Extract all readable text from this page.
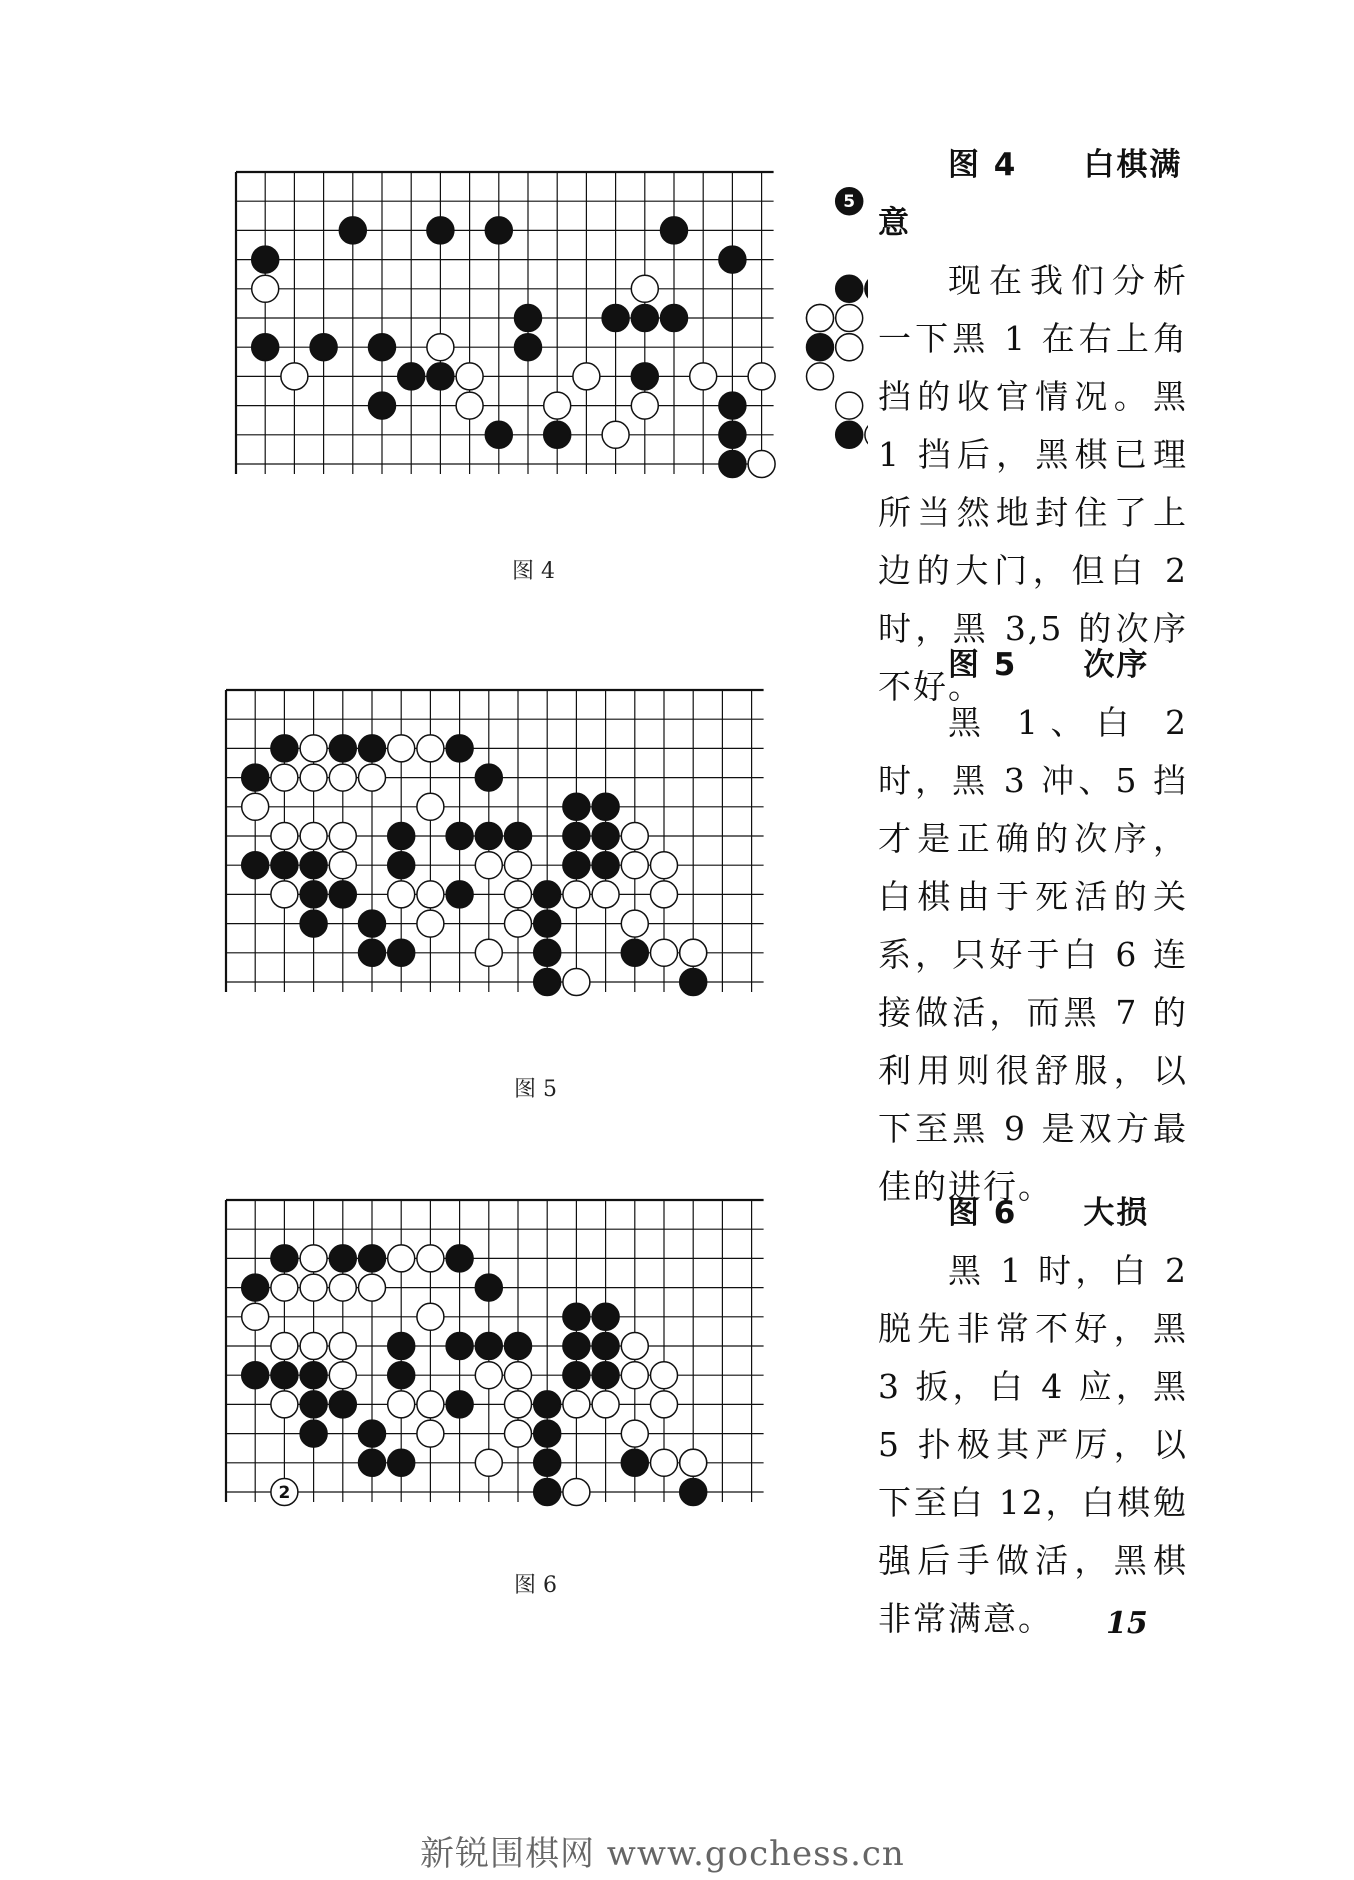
5
图 4
图 5
2
图 6
图 4　　白棋满意
现在我们分析一下黑 1 在右上角挡的收官情况。黑 1 挡后，黑棋已理所当然地封住了上边的大门，但白 2 时，黑 3,5 的次序不好。
图 5　　次序
黑 1、白 2 时，黑 3 冲、5 挡才是正确的次序，白棋由于死活的关系，只好于白 6 连接做活，而黑 7 的利用则很舒服，以下至黑 9 是双方最佳的进行。
图 6　　大损
黑 1 时，白 2 脱先非常不好，黑 3 扳，白 4 应，黑 5 扑极其严厉，以下至白 12，白棋勉强后手做活，黑棋非常满意。	15
新锐围棋网 www.gochess.cn
